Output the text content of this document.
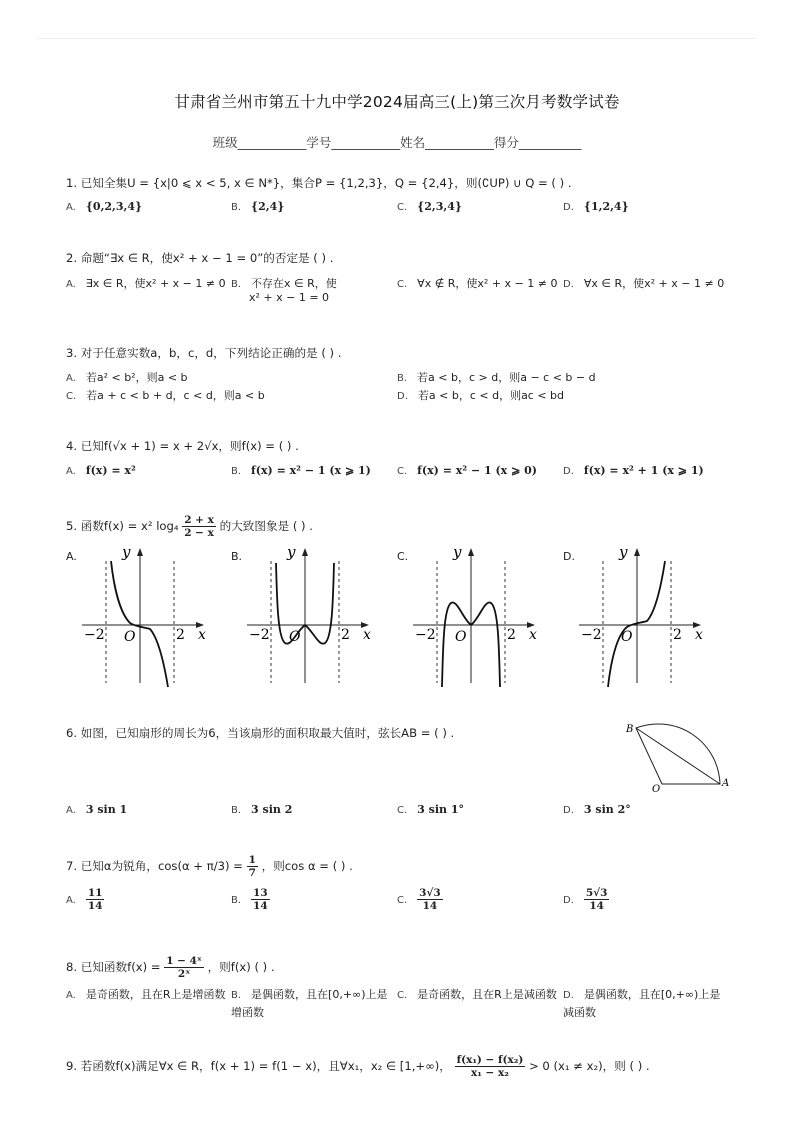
甘肃省兰州市第五十九中学2024届高三(上)第三次月考数学试卷
班级___________学号___________姓名___________得分__________
1. 已知全集U = {x|0 ⩽ x < 5, x ∈ N*}，集合P = {1,2,3}，Q = {2,4}，则(∁UP) ∪ Q = ( ) .
A. {0,2,3,4}	B. {2,4}	C. {2,3,4}	D. {1,2,4}
2. 命题“∃x ∈ R，使x² + x − 1 = 0”的否定是 ( ) .
A. ∃x ∈ R，使x² + x − 1 ≠ 0 B. 不存在x ∈ R，使
x² + x − 1 = 0
C. ∀x ∉ R，使x² + x − 1 ≠ 0 D. ∀x ∈ R，使x² + x − 1 ≠ 0
3. 对于任意实数a，b，c，d，下列结论正确的是 ( ) .
A. 若a² < b²，则a < b	B. 若a < b，c > d，则a − c < b − d
C. 若a + c < b + d，c < d，则a < b	D. 若a < b，c < d，则ac < bd
4. 已知f(√x + 1) = x + 2√x，则f(x) = ( ) .
A. f(x) = x²	B. f(x) = x² − 1 (x ⩾ 1)	C. f(x) = x² − 1 (x ⩾ 0)	D. f(x) = x² + 1 (x ⩾ 1)
5. 函数f(x) = x² $\log_4 \frac{2 + x}{2 - x}$ 的大致图象是 ( ) .
A.	y
x
O
−2	2
B.	y
x
O
−2	2
C.	y
x
O
−2	2
D.	y
x
O
−2	2
6. 如图，已知扇形的周长为6，当该扇形的面积取最大值时，弦长AB = ( ) .	B
O
A
A. 3 sin 1	B. 3 sin 2	C. 3 sin 1°	D. 3 sin 2°
7. 已知α为锐角，$\cos(\alpha + \pi/3) = \frac{1}{7}$ ，则cos α = ( ) .
A. $\frac{11}{14}$	B. $\frac{13}{14}$	C. $\frac{3√3}{14}$	D. $\frac{5√3}{14}$
8. 已知函数$f(x) = \frac{\text{1 − 4ˣ}}{\text{2ˣ}}$ ，则f(x) ( ) .
A. 是奇函数，且在R上是增函数 B. 是偶函数，且在[0,+∞)上是增函数
C. 是奇函数，且在R上是减函数 D. 是偶函数，且在[0,+∞)上是减函数
9. 若函数f(x)满足∀x ∈ R，f(x + 1) = f(1 − x)，且∀x₁，x₂ ∈ [1,+∞)， $\frac{\text{f(x₁) − f(x₂)}}{\text{x₁ − x₂}} > 0$ (x₁ ≠ x₂)，则 ( ) .
